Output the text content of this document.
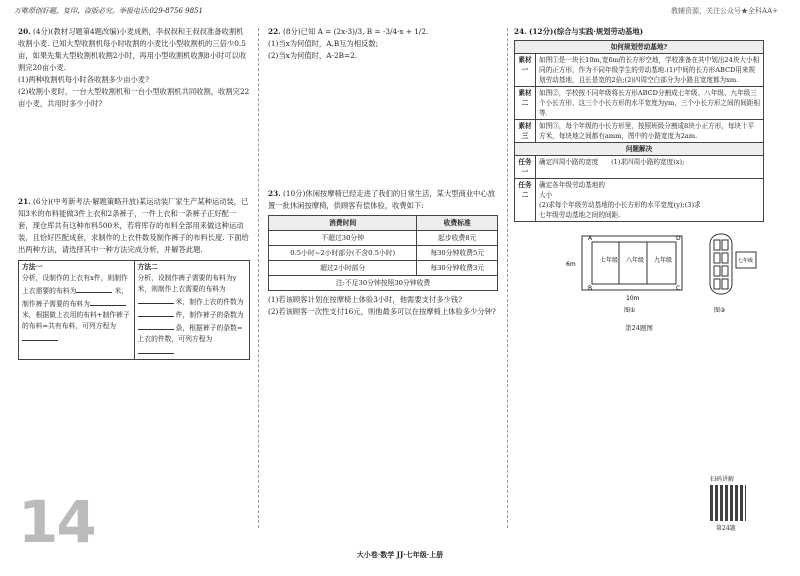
万唯原创好题，复印、盗版必究。举报电话:029-8756 9851	教辅资源，关注公众号★全科AA+
20. (4分)(教材习题第4题改编)小麦成熟，李叔叔和王叔叔准备收割机收割小麦. 已知大型收割机每小时收割的小麦比小型收割机的三倍少0.5亩，如果先集大型收割机收割2小时，再用小型收割机收割8小时可以收割完20亩小麦.
(1)两种收割机每小时各收割多少亩小麦?
(2)收割小麦时，一台大型收割机和一台小型收割机共同收割，收割完22亩小麦，共用时多少小时?
21. (6分)(中考新考法·解题策略开放)某运动装厂家生产某种运动装，已知3米的布料能做3件上衣和2条裤子，一件上衣和一条裤子正好配一套，现仓库共有这种布料500米，若将库存的布料全部用来做这种运动装，且恰好匹配成套，求制作的上衣件数及制作裤子的布料长度. 下面给出两种方法，请选择其中一种方法完成分析，并解答此题.
方法一
分析，设制作的上衣有x件，则制作上衣需要的布料为	米，制作裤子需要的布料为 米，根据做上衣用的布料+制作裤子的布料=共有布料，可列方程为	方法二
分析，设制作裤子需要的布料为y米，则制作上衣需要的布料为 米，制作上衣的件数为 件，制作裤子的条数为 条，根据裤子的条数=上衣的件数，可列方程为
22. (8分)已知 A = (2x-3)/3, B = -3/4·x + 1/2.
(1)当x为何值时，A,B互为相反数;
(2)当x为何值时，A-2B=2.
23. (10分)休闲按摩椅已经走进了我们的日常生活，某大型商业中心放置一批休闲按摩椅，供顾客有偿体验，收费如下:
消费时间	收费标准
不超过30分钟	起步收费8元
0.5小时~2小时部分(不含0.5小时)	每30分钟收费5元
超过2小时部分	每30分钟收费3元
注:不足30分钟按照30分钟收费	
(1)若该顾客计划在按摩椅上体验3小时，他需要支付多少钱?
(2)若该顾客一次性支付16元，则他最多可以在按摩椅上体验多少分钟?
24. (12分)(综合与实践·规划劳动基地)
如何规划劳动基地?	
素材一	如图①是一块长10m,宽6m的长方形空地，学校准备在其中划出24块大小相同的正方形，作为不同年级学生的劳动基地.(1)中间的长方形ABCD用来规划劳动基地，且长是宽的2倍;(2)四周空白部分为小路且宽度都为xm.
素材二	如图②，学校按不同年级将长方形ABCD分割成七年级、八年级、九年级三个小长方形，这三个小长方形的水平宽度为ym，三个小长方形之间的间距相等.
素材三	如图③，每个年级的小长方形里，按照班级分割成8块小正方形，每块十平方米，每块地之间都有amm，图中的小路宽度为2am.
问题解决	
任务一	确定四周小路的宽度 (1)求四周小路的宽度(x);
任务二	确定各年级劳动基地的大小 (2)求每个年级劳动基地的小长方形的水平宽度(y);(3)求七年级劳动基地之间的间距.
七年级 八年级 九年级
6m
10m
A	D
B	C
图①
七年级
图②
第24题图
扫码讲解
第24题
14	大小卷·数学 JJ·七年级·上册
